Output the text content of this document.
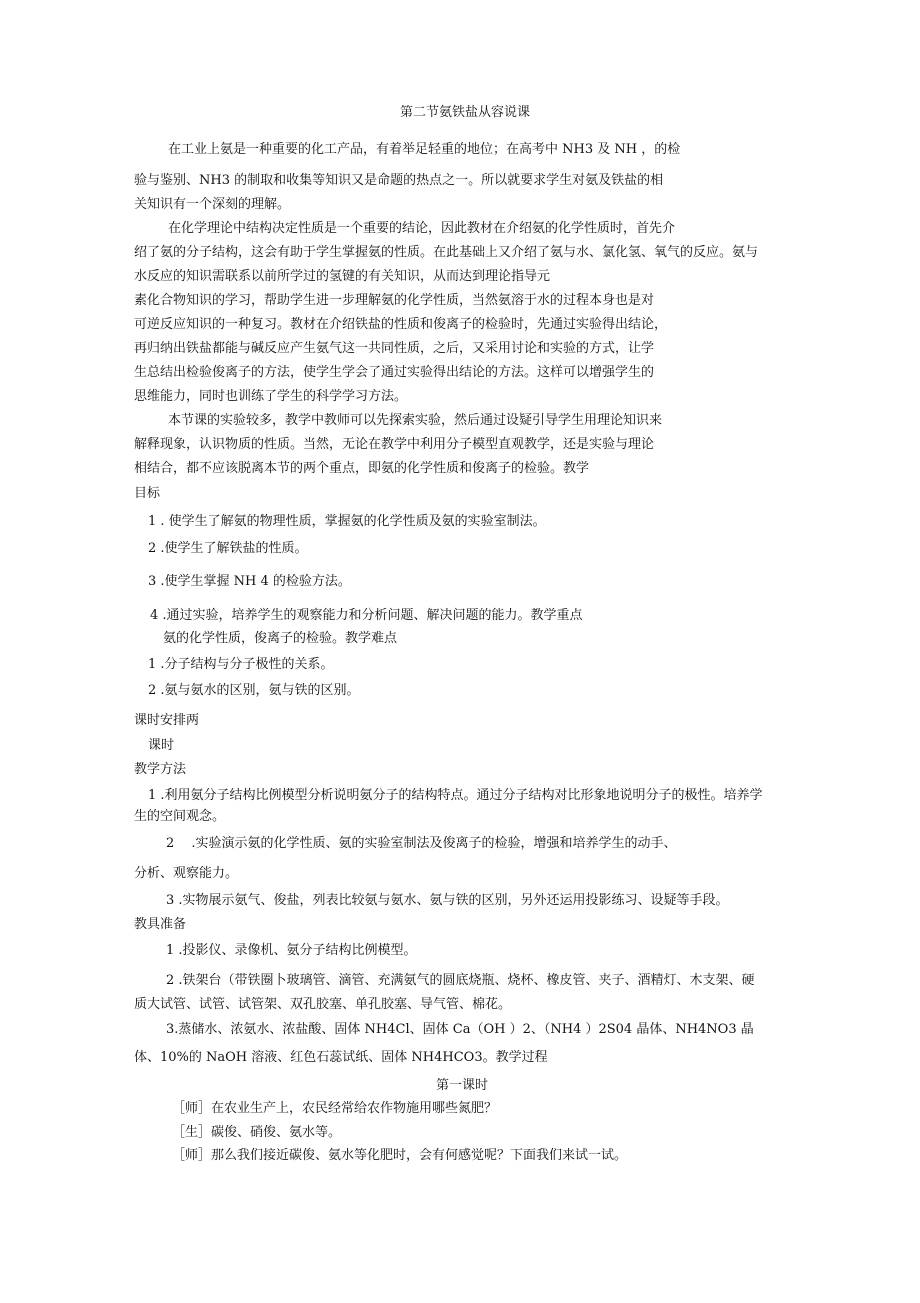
第二节氨铁盐从容说课
在工业上氨是一种重要的化工产品，有着举足轻重的地位；在高考中 NH3 及 NH ，的检
验与鉴别、NH3 的制取和收集等知识又是命题的热点之一。所以就要求学生对氨及铁盐的相
关知识有一个深刻的理解。
在化学理论中结构决定性质是一个重要的结论，因此教材在介绍氨的化学性质时，首先介
绍了氨的分子结构，这会有助于学生掌握氨的性质。在此基础上又介绍了氨与水、氯化氢、氧气的反应。氨与
水反应的知识需联系以前所学过的氢键的有关知识，从而达到理论指导元
素化合物知识的学习，帮助学生进一步理解氨的化学性质，当然氨溶于水的过程本身也是对
可逆反应知识的一种复习。教材在介绍铁盐的性质和俊离子的检验时，先通过实验得出结论，
再归纳出铁盐都能与碱反应产生氨气这一共同性质，之后，又采用讨论和实验的方式，让学
生总结出检验俊离子的方法，使学生学会了通过实验得出结论的方法。这样可以增强学生的
思维能力，同时也训练了学生的科学学习方法。
本节课的实验较多，教学中教师可以先探索实验，然后通过设疑引导学生用理论知识来
解释现象，认识物质的性质。当然，无论在教学中利用分子模型直观教学，还是实验与理论
相结合，都不应该脱离本节的两个重点，即氨的化学性质和俊离子的检验。教学
目标
1 . 使学生了解氨的物理性质，掌握氨的化学性质及氨的实验室制法。
2 .使学生了解铁盐的性质。
3 .使学生掌握 NH 4 的检验方法。
4 .通过实验，培养学生的观察能力和分析问题、解决问题的能力。教学重点
氨的化学性质，俊离子的检验。教学难点
1 .分子结构与分子极性的关系。
2 .氨与氨水的区别，氨与铁的区别。
课时安排两
课时
教学方法
1 .利用氨分子结构比例模型分析说明氨分子的结构特点。通过分子结构对比形象地说明分子的极性。培养学
生的空间观念。
2　 .实验演示氨的化学性质、氨的实验室制法及俊离子的检验，增强和培养学生的动手、
分析、观察能力。
3 .实物展示氨气、俊盐，列表比较氨与氨水、氨与铁的区别，另外还运用投影练习、设疑等手段。
教具准备
1 .投影仪、录像机、氨分子结构比例模型。
2 .铁架台（带铁圈卜玻璃管、滴管、充满氨气的圆底烧瓶、烧杯、橡皮管、夹子、酒精灯、木支架、硬
质大试管、试管、试管架、双孔胶塞、单孔胶塞、导气管、棉花。
3.蒸储水、浓氨水、浓盐酸、固体 NH4Cl、固体 Ca（OH ）2、（NH4 ）2S04 晶体、NH4NO3 晶
体、10%的 NaOH 溶液、红色石蕊试纸、固体 NH4HCO3。教学过程
第一课时
［师］在农业生产上，农民经常给农作物施用哪些氮肥？
［生］碳俊、硝俊、氨水等。
［师］那么我们接近碳俊、氨水等化肥时，会有何感觉呢？下面我们来试一试。
